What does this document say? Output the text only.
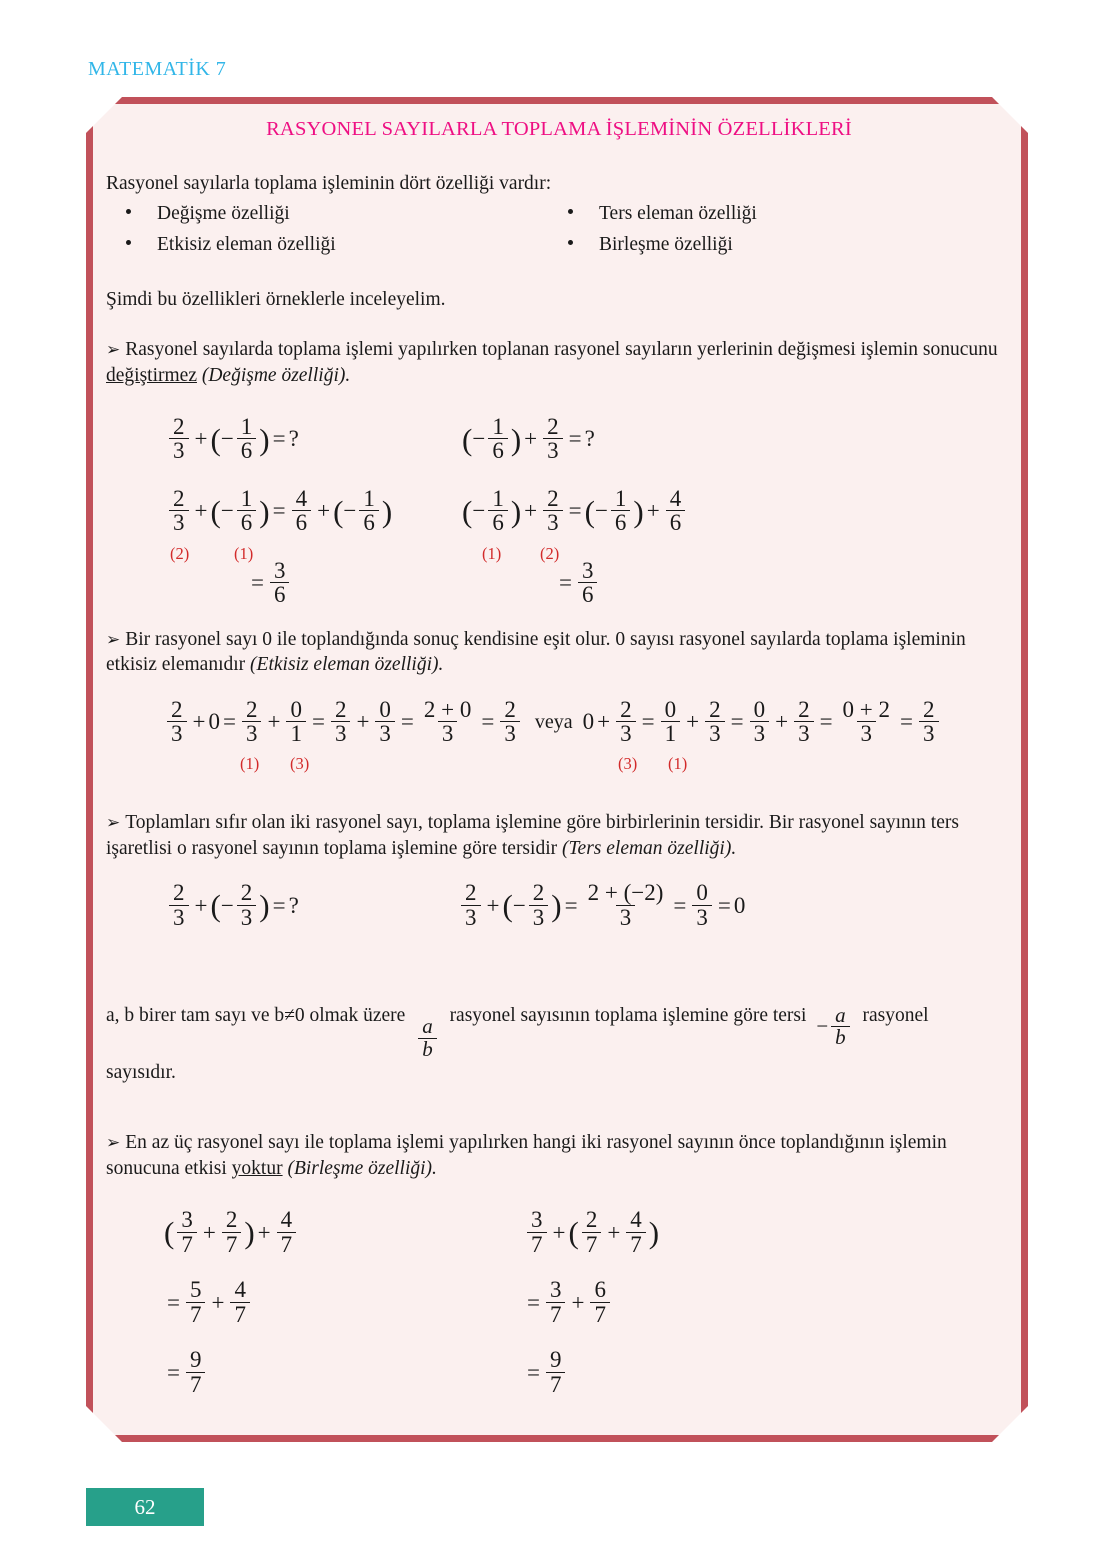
MATEMATİK 7
RASYONEL SAYILARLA TOPLAMA İŞLEMİNİN ÖZELLİKLERİ

Rasyonel sayılarla toplama işleminin dört özelliği vardır:

Değişme özelliği
Etkisiz eleman özelliği
Ters eleman özelliği
Birleşme özelliği

Şimdi bu özellikleri örneklerle inceleyelim.

➢ Rasyonel sayılarda toplama işlemi yapılırken toplanan rasyonel sayıların yerlerinin değişmesi işlemin sonucunu değiştirmez (Değişme özelliği).

$\frac{2}{3}$ + ( − $\frac{1}{6}$ ) = ?
$\frac{2}{3}$ + ( − $\frac{1}{6}$ ) = $\frac{4}{6}$ + ( − $\frac{1}{6}$ )
(2)	(1)
= $\frac{3}{6}$
( − $\frac{1}{6}$ ) + $\frac{2}{3}$ = ?
( − $\frac{1}{6}$ ) + $\frac{2}{3}$ = ( − $\frac{1}{6}$ ) + $\frac{4}{6}$
(1) (2)
= $\frac{3}{6}$

➢ Bir rasyonel sayı 0 ile toplandığında sonuç kendisine eşit olur. 0 sayısı rasyonel sayılarda toplama işleminin etkisiz elemanıdır (Etkisiz eleman özelliği).

$\frac{2}{3} + 0 = \frac{2}{3} + \frac{0}{1} = \frac{2}{3} + \frac{0}{3} = \frac{2 + 0}{3} = \frac{2}{3}$ veya $0 + \frac{2}{3} = \frac{0}{1} + \frac{2}{3} = \frac{0}{3} + \frac{2}{3} = \frac{0 + 2}{3} = \frac{2}{3}$
(1) (3)	(3) (1)

➢ Toplamları sıfır olan iki rasyonel sayı, toplama işlemine göre birbirlerinin tersidir. Bir rasyonel sayının ters işaretlisi o rasyonel sayının toplama işlemine göre tersidir (Ters eleman özelliği).

$\frac{2}{3}$ + ( − $\frac{2}{3}$ ) = ?	$\frac{2}{3}$ + ( − $\frac{2}{3}$ ) = $\frac{2 + (-2)}{3} = \frac{0}{3} = 0$

a, b birer tam sayı ve b≠0 olmak üzere
$\frac{a}{b}$
rasyonel sayısının toplama işlemine göre tersi − $\frac{a}{b}$ rasyonel
sayısıdır.

➢ En az üç rasyonel sayı ile toplama işlemi yapılırken hangi iki rasyonel sayının önce toplandığının işlemin sonucuna etkisi yoktur (Birleşme özelliği).

( $\frac{3}{7} + \frac{2}{7}$ ) + $\frac{4}{7}$
= $\frac{5}{7} + \frac{4}{7}$
= $\frac{9}{7}$
$\frac{3}{7}$ + ( $\frac{2}{7} + \frac{4}{7}$ )
= $\frac{3}{7} + \frac{6}{7}$
= $\frac{9}{7}$
62
